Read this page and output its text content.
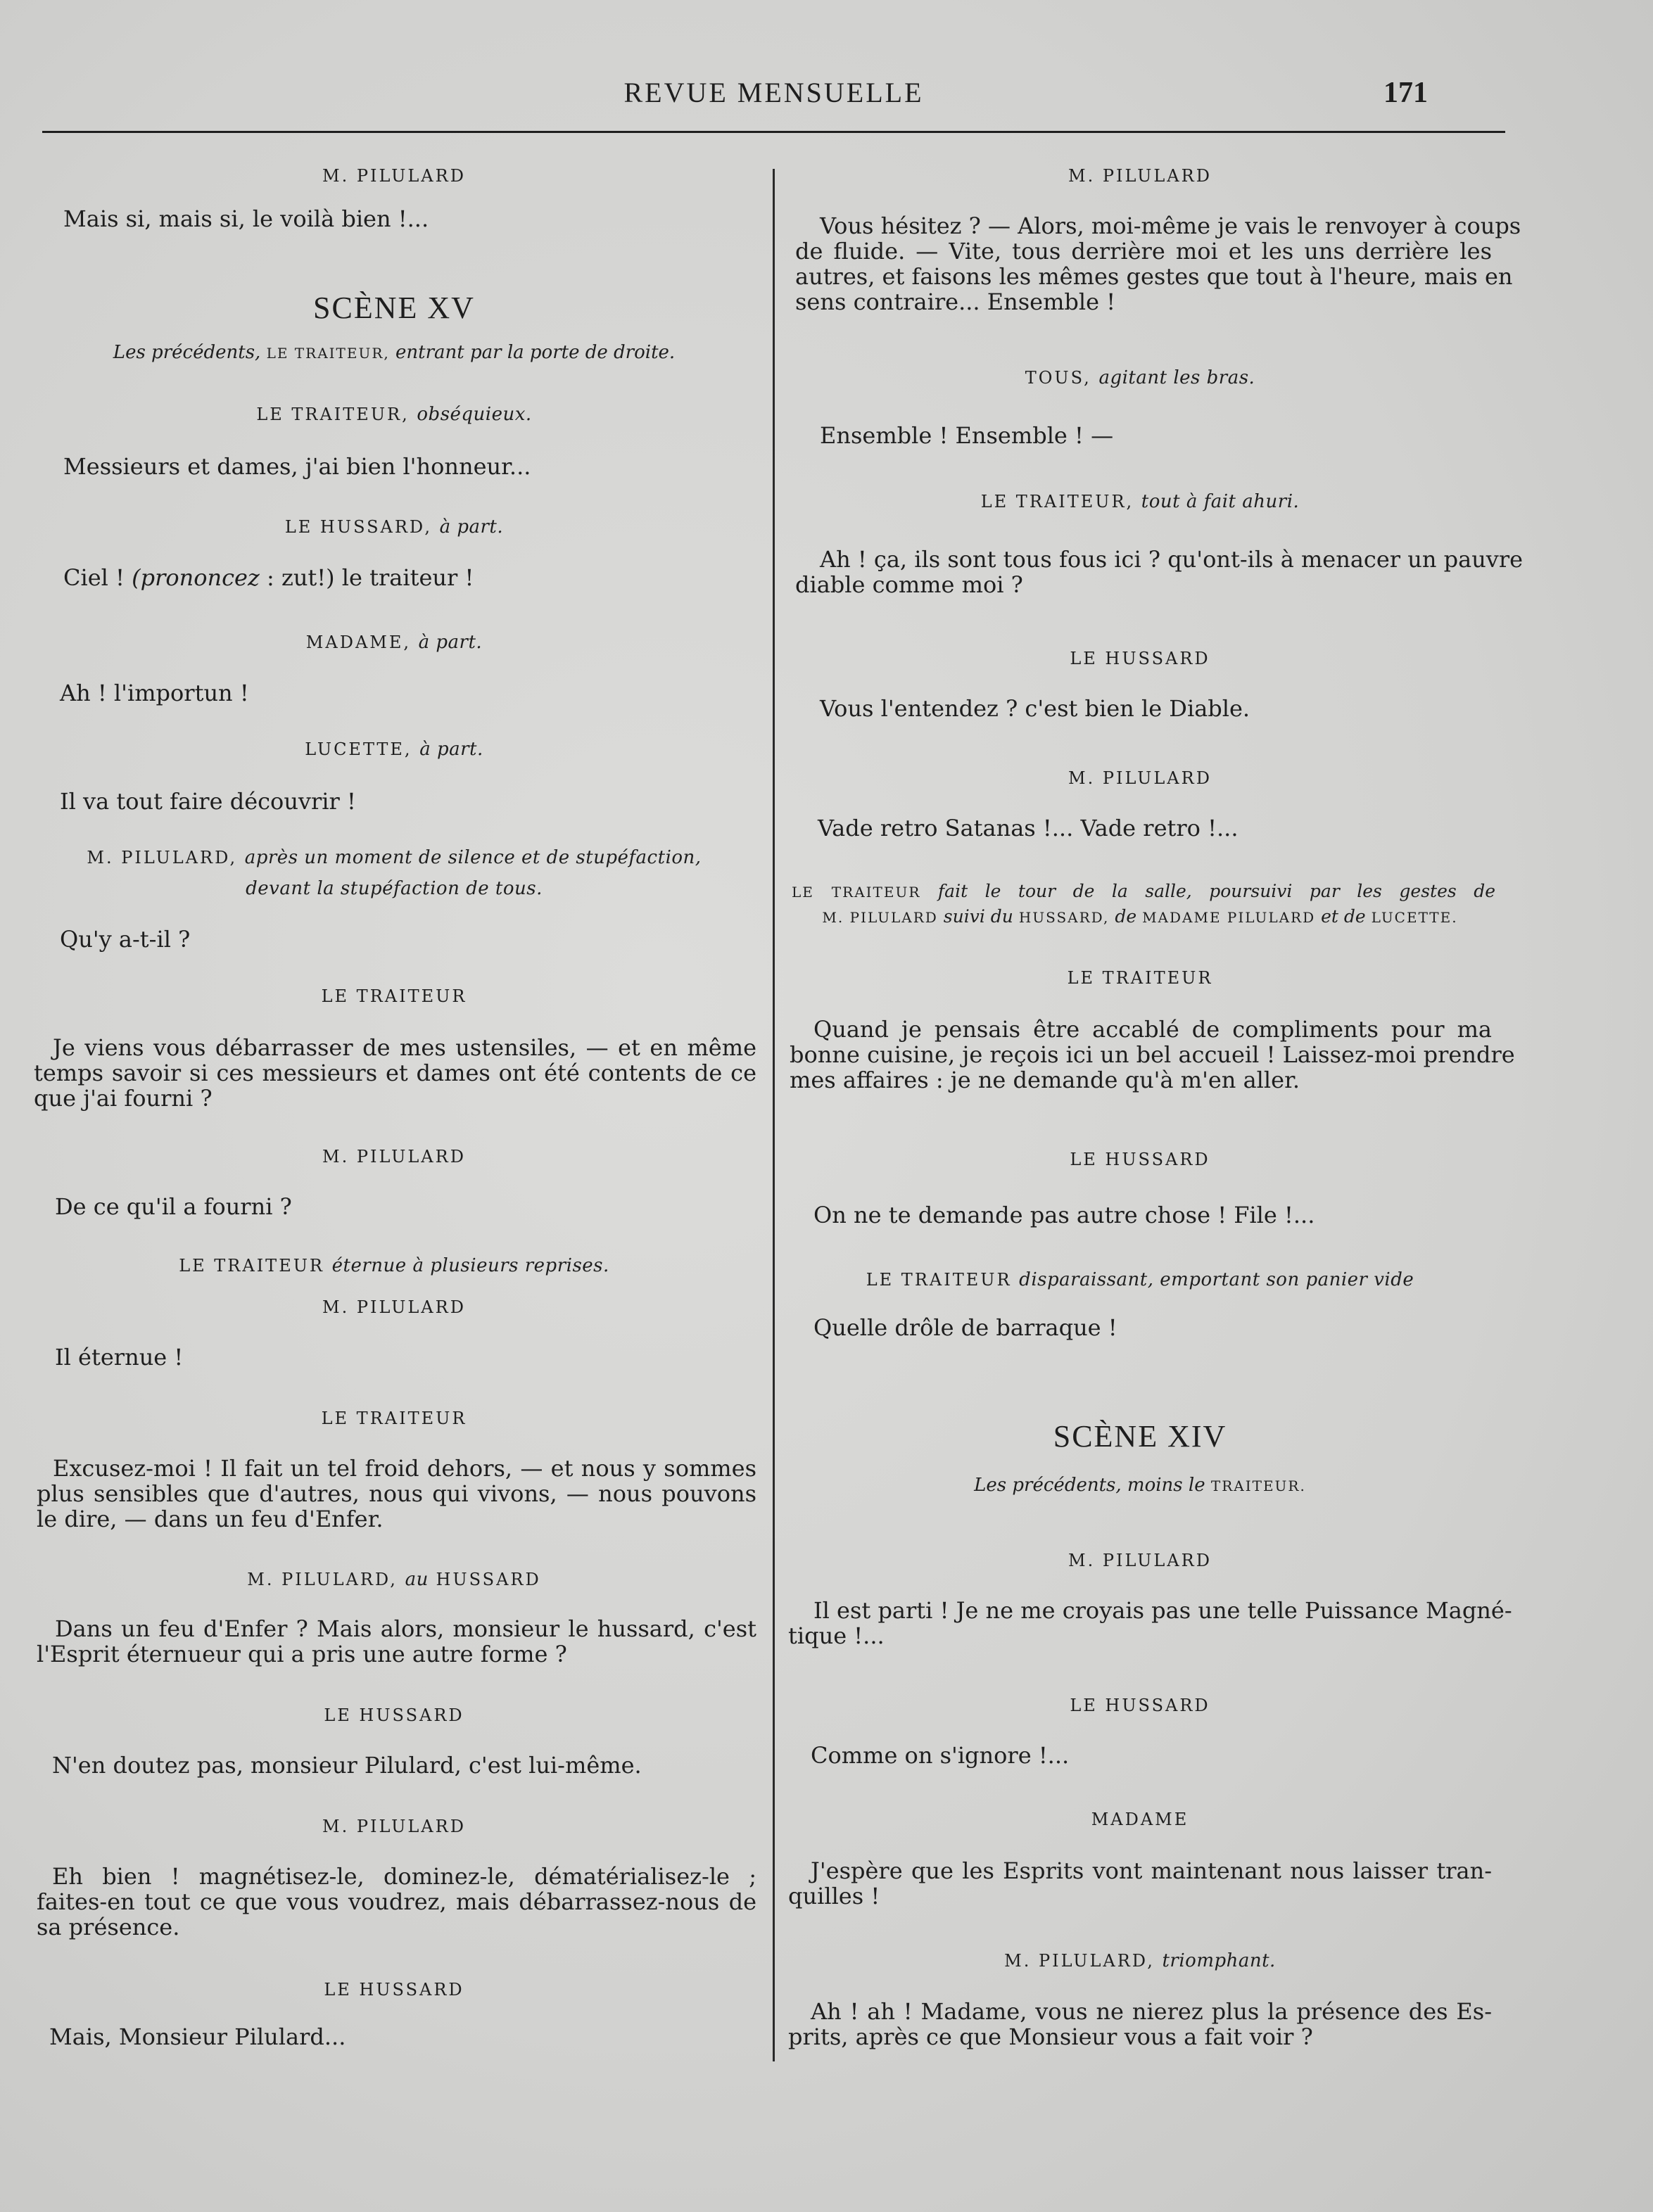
REVUE MENSUELLE	171
M. PILULARD
Mais si, mais si, le voilà bien !...
SCÈNE XV
Les précédents, LE TRAITEUR, entrant par la porte de droite.
LE TRAITEUR, obséquieux.
Messieurs et dames, j'ai bien l'honneur...
LE HUSSARD, à part.
Ciel ! (prononcez : zut!) le traiteur !
MADAME, à part.
Ah ! l'importun !
LUCETTE, à part.
Il va tout faire découvrir !
M. PILULARD, après un moment de silence et de stupéfaction,
devant la stupéfaction de tous.
Qu'y a-t-il ?
LE TRAITEUR
Je viens vous débarrasser de mes ustensiles, — et en même
temps savoir si ces messieurs et dames ont été contents de ce
que j'ai fourni ?
M. PILULARD
De ce qu'il a fourni ?
LE TRAITEUR éternue à plusieurs reprises.
M. PILULARD
Il éternue !
LE TRAITEUR
Excusez-moi ! Il fait un tel froid dehors, — et nous y sommes
plus sensibles que d'autres, nous qui vivons, — nous pouvons
le dire, — dans un feu d'Enfer.
M. PILULARD, au HUSSARD
Dans un feu d'Enfer ? Mais alors, monsieur le hussard, c'est
l'Esprit éternueur qui a pris une autre forme ?
LE HUSSARD
N'en doutez pas, monsieur Pilulard, c'est lui-même.
M. PILULARD
Eh bien ! magnétisez-le, dominez-le, dématérialisez-le ;
faites-en tout ce que vous voudrez, mais débarrassez-nous de
sa présence.
LE HUSSARD
Mais, Monsieur Pilulard...
M. PILULARD
Vous hésitez ? — Alors, moi-même je vais le renvoyer à coups
de fluide. — Vite, tous derrière moi et les uns derrière les
autres, et faisons les mêmes gestes que tout à l'heure, mais en
sens contraire... Ensemble !
TOUS, agitant les bras.
Ensemble ! Ensemble ! —
LE TRAITEUR, tout à fait ahuri.
Ah ! ça, ils sont tous fous ici ? qu'ont-ils à menacer un pauvre
diable comme moi ?
LE HUSSARD
Vous l'entendez ? c'est bien le Diable.
M. PILULARD
Vade retro Satanas !... Vade retro !...
LE TRAITEUR fait le tour de la salle, poursuivi par les gestes de
M. PILULARD suivi du HUSSARD, de MADAME PILULARD et de LUCETTE.
LE TRAITEUR
Quand je pensais être accablé de compliments pour ma
bonne cuisine, je reçois ici un bel accueil ! Laissez-moi prendre
mes affaires : je ne demande qu'à m'en aller.
LE HUSSARD
On ne te demande pas autre chose ! File !...
LE TRAITEUR disparaissant, emportant son panier vide
Quelle drôle de barraque !
SCÈNE XIV
Les précédents, moins le TRAITEUR.
M. PILULARD
Il est parti ! Je ne me croyais pas une telle Puissance Magné-
tique !...
LE HUSSARD
Comme on s'ignore !...
MADAME
J'espère que les Esprits vont maintenant nous laisser tran-
quilles !
M. PILULARD, triomphant.
Ah ! ah ! Madame, vous ne nierez plus la présence des Es-
prits, après ce que Monsieur vous a fait voir ?
